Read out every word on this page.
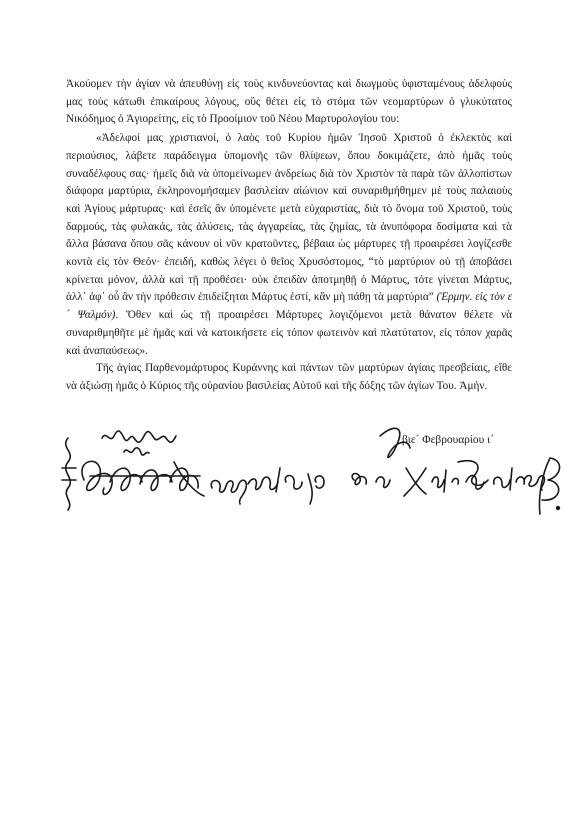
Ἀκούομεν τὴν ἁγίαν νὰ ἀπευθύνῃ εἰς τοὺς κινδυνεύοντας καὶ διωγμοὺς ὑφισταμένους ἀδελφοὺς μας τοὺς κάτωθι ἐπικαίρους λόγους, οὓς θέτει εἰς τὸ στόμα τῶν νεομαρτύρων ὁ γλυκύτατος Νικόδημος ὁ Ἁγιορείτης, εἰς τὸ Προοίμιον τοῦ Νέου Μαρτυρολογίου του:

«Ἀδελφοί μας χριστιανοί, ὁ λαὸς τοῦ Κυρίου ἡμῶν Ἰησοῦ Χριστοῦ ὁ ἐκλεκτὸς καὶ περιούσιος, λάβετε παράδειγμα ὑπομονῆς τῶν θλίψεων, ὅπου δοκιμάζετε, ἀπὸ ἡμᾶς τοὺς συναδέλφους σας· ἡμεῖς διὰ νὰ ὑπομείνωμεν ἀνδρείως διὰ τὸν Χριστὸν τὰ παρὰ τῶν ἀλλοπίστων διάφορα μαρτύρια, ἐκληρονομήσαμεν βασιλείαν αἰώνιον καὶ συναριθμήθημεν μὲ τοὺς παλαιοὺς καὶ Ἁγίους μάρτυρας· καὶ ἐσεῖς ἂν ὑπομένετε μετὰ εὐχαριστίας, διὰ τὸ ὄνομα τοῦ Χριστοῦ, τοὺς δαρμούς, τὰς φυλακάς, τὰς ἁλύσεις, τὰς ἀγγαρείας, τὰς ζημίας, τὰ ἀνυπόφορα δοσίματα καὶ τὰ ἄλλα βάσανα ὅπου σᾶς κάνουν οἱ νῦν κρατοῦντες, βέβαια ὡς μάρτυρες τῇ προαιρέσει λογίζεσθε κοντὰ εἰς τὸν Θεόν· ἐπειδή, καθὼς λέγει ὁ θεῖος Χρυσόστομος, “τὸ μαρτύριον οὐ τῇ ἀποβάσει κρίνεται μόνον, ἀλλὰ καὶ τῇ προθέσει· οὐκ ἐπειδὰν ἀποτμηθῇ ὁ Μάρτυς, τότε γίνεται Μάρτυς, ἀλλ᾽ ἀφ᾽ οὗ ἂν τὴν πρόθεσιν ἐπιδείξηται Μάρτυς ἐστί, κἂν μὴ πάθῃ τὰ μαρτύρια” (Ἑρμην. εἰς τὸν ε´ Ψαλμόν). Ὅθεν καὶ ὡς τῇ προαιρέσει Μάρτυρες λογιζόμενοι μετὰ θάνατον θέλετε νὰ συναριθμηθῆτε μὲ ἡμᾶς καὶ νὰ κατοικήσετε εἰς τόπον φωτεινὸν καὶ πλατύτατον, εἰς τόπον χαρᾶς καὶ ἀναπαύσεως».

Τῆς ἁγίας Παρθενομάρτυρος Κυράννης καὶ πάντων τῶν μαρτύρων ἁγίαις πρεσβείαις, εἴθε νὰ ἀξιώσῃ ἡμᾶς ὁ Κύριος τῆς οὐρανίου βασιλείας Αὐτοῦ καὶ τῆς δόξης τῶν ἁγίων Του. Ἀμήν.

βιε´ Φεβρουαρίου ι´
